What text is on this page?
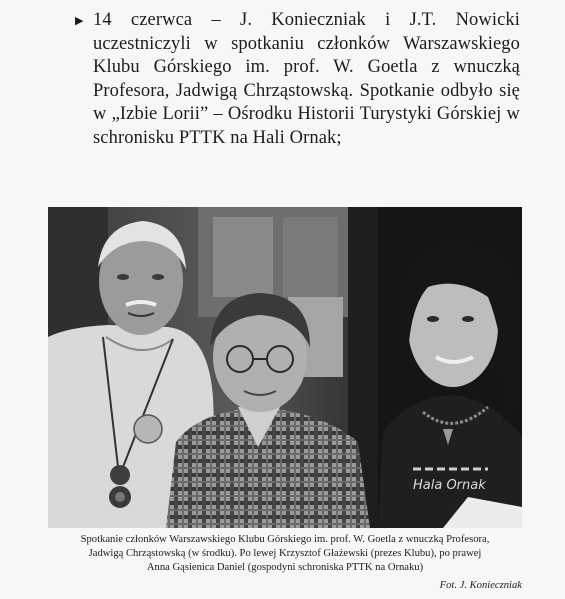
▶ 14 czerwca – J. Konieczniak i J.T. Nowicki uczestniczyli w spotkaniu członków Warszawskiego Klubu Górskiego im. prof. W. Goetla z wnuczką Profesora, Jadwigą Chrząstowską. Spotkanie odbyło się w „Izbie Lorii” – Ośrodku Historii Turystyki Górskiej w schronisku PTTK na Hali Ornak;

Hala Ornak

Spotkanie członków Warszawskiego Klubu Górskiego im. prof. W. Goetla z wnuczką Profesora,

Jadwigą Chrząstowską (w środku). Po lewej Krzysztof Głażewski (prezes Klubu), po prawej

Anna Gąsienica Daniel (gospodyni schroniska PTTK na Ornaku)

Fot. J. Konieczniak
